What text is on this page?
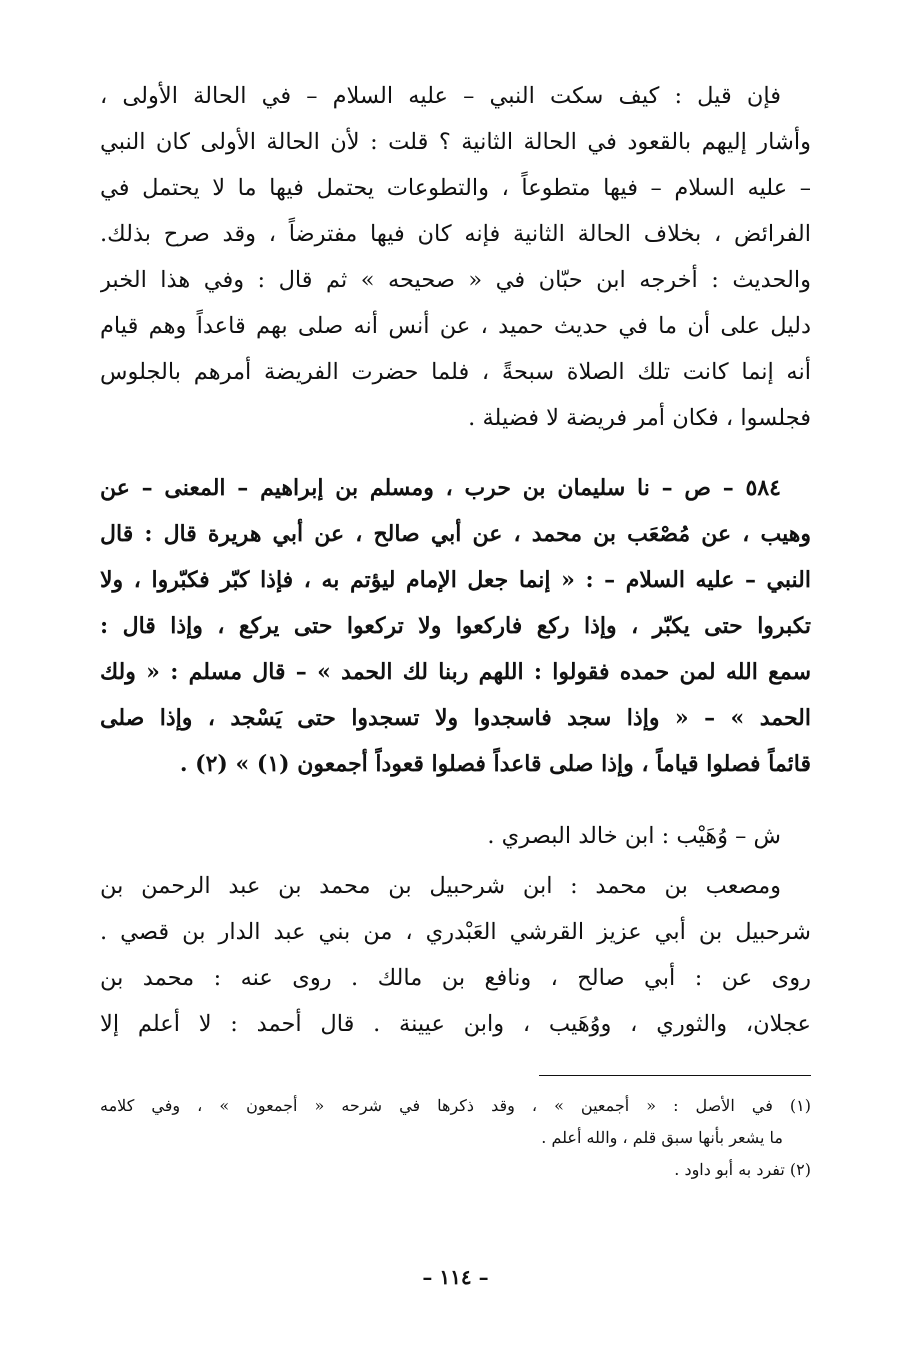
فإن قيل : كيف سكت النبي – عليه السلام – في الحالة الأولى ،
وأشار إليهم بالقعود في الحالة الثانية ؟ قلت : لأن الحالة الأولى كان النبي
– عليه السلام – فيها متطوعاً ، والتطوعات يحتمل فيها ما لا يحتمل في
الفرائض ، بخلاف الحالة الثانية فإنه كان فيها مفترضاً ، وقد صرح بذلك.
والحديث : أخرجه ابن حبّان في « صحيحه » ثم قال : وفي هذا الخبر
دليل على أن ما في حديث حميد ، عن أنس أنه صلى بهم قاعداً وهم قيام
أنه إنما كانت تلك الصلاة سبحةً ، فلما حضرت الفريضة أمرهم بالجلوس
فجلسوا ، فكان أمر فريضة لا فضيلة .
٥٨٤ – ص – نا سليمان بن حرب ، ومسلم بن إبراهيم – المعنى – عن
وهيب ، عن مُصْعَب بن محمد ، عن أبي صالح ، عن أبي هريرة قال : قال
النبي – عليه السلام – : « إنما جعل الإمام ليؤتم به ، فإذا كبّر فكبّروا ، ولا
تكبروا حتى يكبّر ، وإذا ركع فاركعوا ولا تركعوا حتى يركع ، وإذا قال :
سمع الله لمن حمده فقولوا : اللهم ربنا لك الحمد » – قال مسلم : « ولك
الحمد » – « وإذا سجد فاسجدوا ولا تسجدوا حتى يَسْجد ، وإذا صلى
قائماً فصلوا قياماً ، وإذا صلى قاعداً فصلوا قعوداً أجمعون (١) » (٢) .
ش – وُهَيْب : ابن خالد البصري .
ومصعب بن محمد : ابن شرحبيل بن محمد بن عبد الرحمن بن
شرحبيل بن أبي عزيز القرشي العَبْدري ، من بني عبد الدار بن قصي .
روى عن : أبي صالح ، ونافع بن مالك . روى عنه : محمد بن
عجلان، والثوري ، ووُهَيب ، وابن عيينة . قال أحمد : لا أعلم إلا
(١) في الأصل : « أجمعين » ، وقد ذكرها في شرحه « أجمعون » ، وفي كلامه
ما يشعر بأنها سبق قلم ، والله أعلم .
(٢) تفرد به أبو داود .
– ١١٤ –
